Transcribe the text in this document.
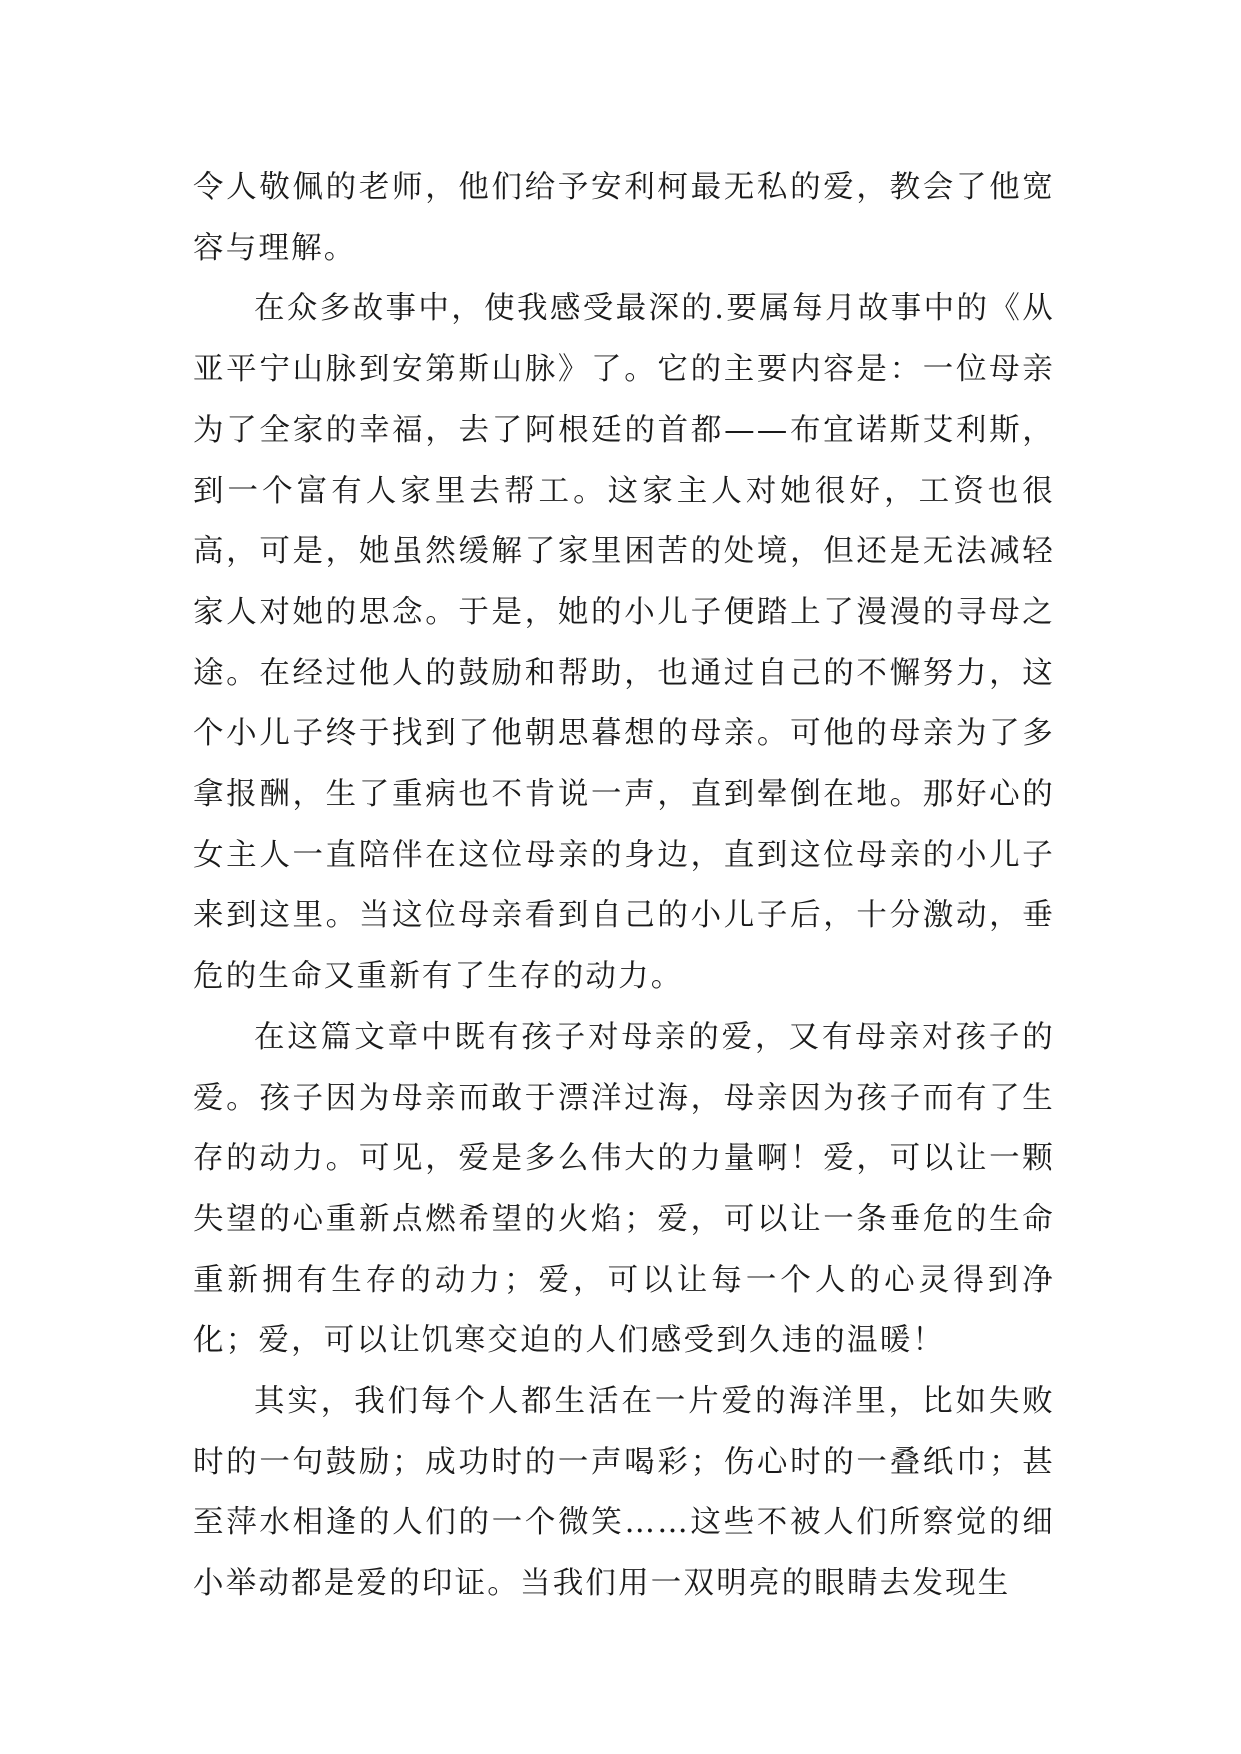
令人敬佩的老师，他们给予安利柯最无私的爱，教会了他宽容与理解。

在众多故事中，使我感受最深的.要属每月故事中的《从亚平宁山脉到安第斯山脉》了。它的主要内容是：一位母亲为了全家的幸福，去了阿根廷的首都——布宜诺斯艾利斯，到一个富有人家里去帮工。这家主人对她很好，工资也很高，可是，她虽然缓解了家里困苦的处境，但还是无法减轻家人对她的思念。于是，她的小儿子便踏上了漫漫的寻母之途。在经过他人的鼓励和帮助，也通过自己的不懈努力，这个小儿子终于找到了他朝思暮想的母亲。可他的母亲为了多拿报酬，生了重病也不肯说一声，直到晕倒在地。那好心的女主人一直陪伴在这位母亲的身边，直到这位母亲的小儿子来到这里。当这位母亲看到自己的小儿子后，十分激动，垂危的生命又重新有了生存的动力。

在这篇文章中既有孩子对母亲的爱，又有母亲对孩子的爱。孩子因为母亲而敢于漂洋过海，母亲因为孩子而有了生存的动力。可见，爱是多么伟大的力量啊！爱，可以让一颗失望的心重新点燃希望的火焰；爱，可以让一条垂危的生命重新拥有生存的动力；爱，可以让每一个人的心灵得到净化；爱，可以让饥寒交迫的人们感受到久违的温暖！

其实，我们每个人都生活在一片爱的海洋里，比如失败时的一句鼓励；成功时的一声喝彩；伤心时的一叠纸巾；甚至萍水相逢的人们的一个微笑……这些不被人们所察觉的细小举动都是爱的印证。当我们用一双明亮的眼睛去发现生
